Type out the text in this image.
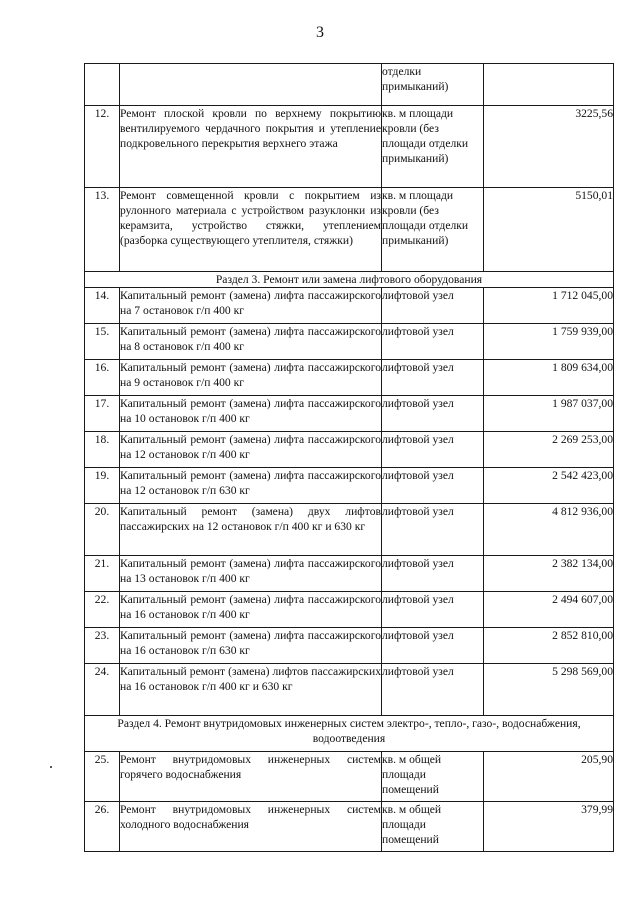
3
		отделки примыканий)	
12.	Ремонт плоской кровли по верхнему покрытию вентилируемого чердачного покрытия и утепление подкровельного перекрытия верхнего этажа	кв. м площади кровли (без площади отделки примыканий)	3225,56
13.	Ремонт совмещенной кровли с покрытием из рулонного материала с устройством разуклонки из керамзита, устройство стяжки, утеплением (разборка существующего утеплителя, стяжки)	кв. м площади кровли (без площади отделки примыканий)	5150,01
Раздел 3. Ремонт или замена лифтового оборудования			
14.	Капитальный ремонт (замена) лифта пассажирского на 7 остановок г/п 400 кг	лифтовой узел	1 712 045,00
15.	Капитальный ремонт (замена) лифта пассажирского на 8 остановок г/п 400 кг	лифтовой узел	1 759 939,00
16.	Капитальный ремонт (замена) лифта пассажирского на 9 остановок г/п 400 кг	лифтовой узел	1 809 634,00
17.	Капитальный ремонт (замена) лифта пассажирского на 10 остановок г/п 400 кг	лифтовой узел	1 987 037,00
18.	Капитальный ремонт (замена) лифта пассажирского на 12 остановок г/п 400 кг	лифтовой узел	2 269 253,00
19.	Капитальный ремонт (замена) лифта пассажирского на 12 остановок г/п 630 кг	лифтовой узел	2 542 423,00
20.	Капитальный ремонт (замена) двух лифтов пассажирских на 12 остановок г/п 400 кг и 630 кг	лифтовой узел	4 812 936,00
21.	Капитальный ремонт (замена) лифта пассажирского на 13 остановок г/п 400 кг	лифтовой узел	2 382 134,00
22.	Капитальный ремонт (замена) лифта пассажирского на 16 остановок г/п 400 кг	лифтовой узел	2 494 607,00
23.	Капитальный ремонт (замена) лифта пассажирского на 16 остановок г/п 630 кг	лифтовой узел	2 852 810,00
24.	Капитальный ремонт (замена) лифтов пассажирских на 16 остановок г/п 400 кг и 630 кг	лифтовой узел	5 298 569,00
Раздел 4. Ремонт внутридомовых инженерных систем электро-, тепло-, газо-, водоснабжения, водоотведения			
25.	Ремонт внутридомовых инженерных систем горячего водоснабжения	кв. м общей площади помещений	205,90
26.	Ремонт внутридомовых инженерных систем холодного водоснабжения	кв. м общей площади помещений	379,99
